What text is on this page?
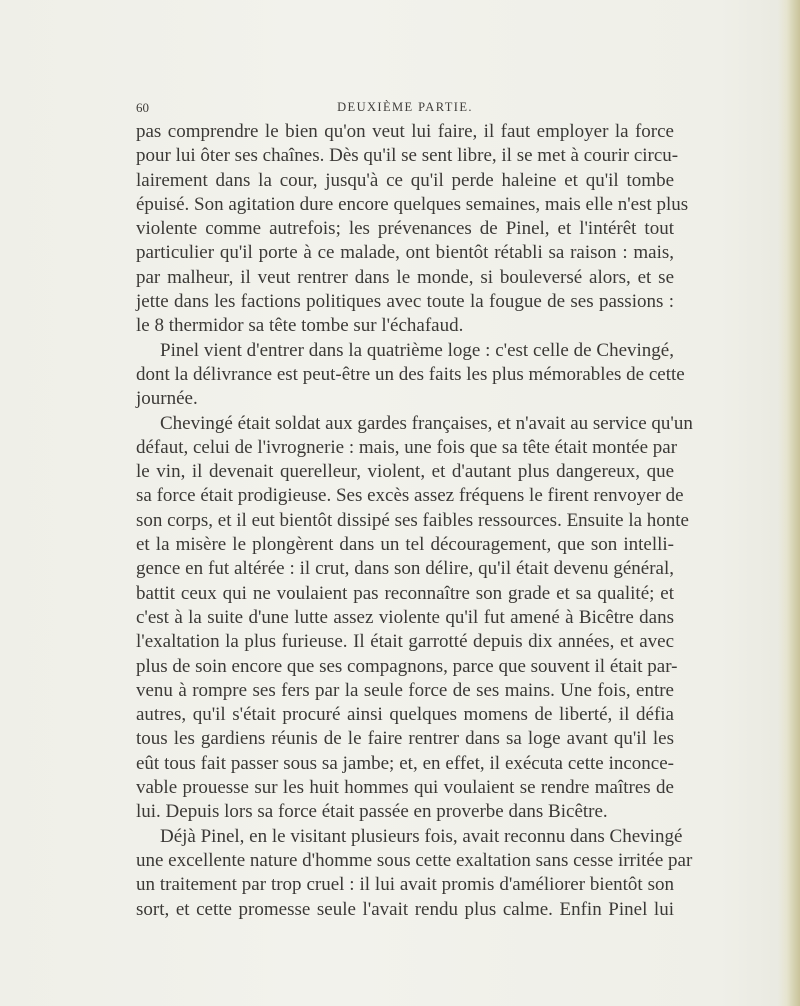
60	DEUXIÈME PARTIE.
pas comprendre le bien qu'on veut lui faire, il faut employer la force
pour lui ôter ses chaînes. Dès qu'il se sent libre, il se met à courir circu-
lairement dans la cour, jusqu'à ce qu'il perde haleine et qu'il tombe
épuisé. Son agitation dure encore quelques semaines, mais elle n'est plus
violente comme autrefois; les prévenances de Pinel, et l'intérêt tout
particulier qu'il porte à ce malade, ont bientôt rétabli sa raison : mais,
par malheur, il veut rentrer dans le monde, si bouleversé alors, et se
jette dans les factions politiques avec toute la fougue de ses passions :
le 8 thermidor sa tête tombe sur l'échafaud.
Pinel vient d'entrer dans la quatrième loge : c'est celle de Chevingé,
dont la délivrance est peut-être un des faits les plus mémorables de cette
journée.
Chevingé était soldat aux gardes françaises, et n'avait au service qu'un
défaut, celui de l'ivrognerie : mais, une fois que sa tête était montée par
le vin, il devenait querelleur, violent, et d'autant plus dangereux, que
sa force était prodigieuse. Ses excès assez fréquens le firent renvoyer de
son corps, et il eut bientôt dissipé ses faibles ressources. Ensuite la honte
et la misère le plongèrent dans un tel découragement, que son intelli-
gence en fut altérée : il crut, dans son délire, qu'il était devenu général,
battit ceux qui ne voulaient pas reconnaître son grade et sa qualité; et
c'est à la suite d'une lutte assez violente qu'il fut amené à Bicêtre dans
l'exaltation la plus furieuse. Il était garrotté depuis dix années, et avec
plus de soin encore que ses compagnons, parce que souvent il était par-
venu à rompre ses fers par la seule force de ses mains. Une fois, entre
autres, qu'il s'était procuré ainsi quelques momens de liberté, il défia
tous les gardiens réunis de le faire rentrer dans sa loge avant qu'il les
eût tous fait passer sous sa jambe; et, en effet, il exécuta cette inconce-
vable prouesse sur les huit hommes qui voulaient se rendre maîtres de
lui. Depuis lors sa force était passée en proverbe dans Bicêtre.
Déjà Pinel, en le visitant plusieurs fois, avait reconnu dans Chevingé
une excellente nature d'homme sous cette exaltation sans cesse irritée par
un traitement par trop cruel : il lui avait promis d'améliorer bientôt son
sort, et cette promesse seule l'avait rendu plus calme. Enfin Pinel lui
